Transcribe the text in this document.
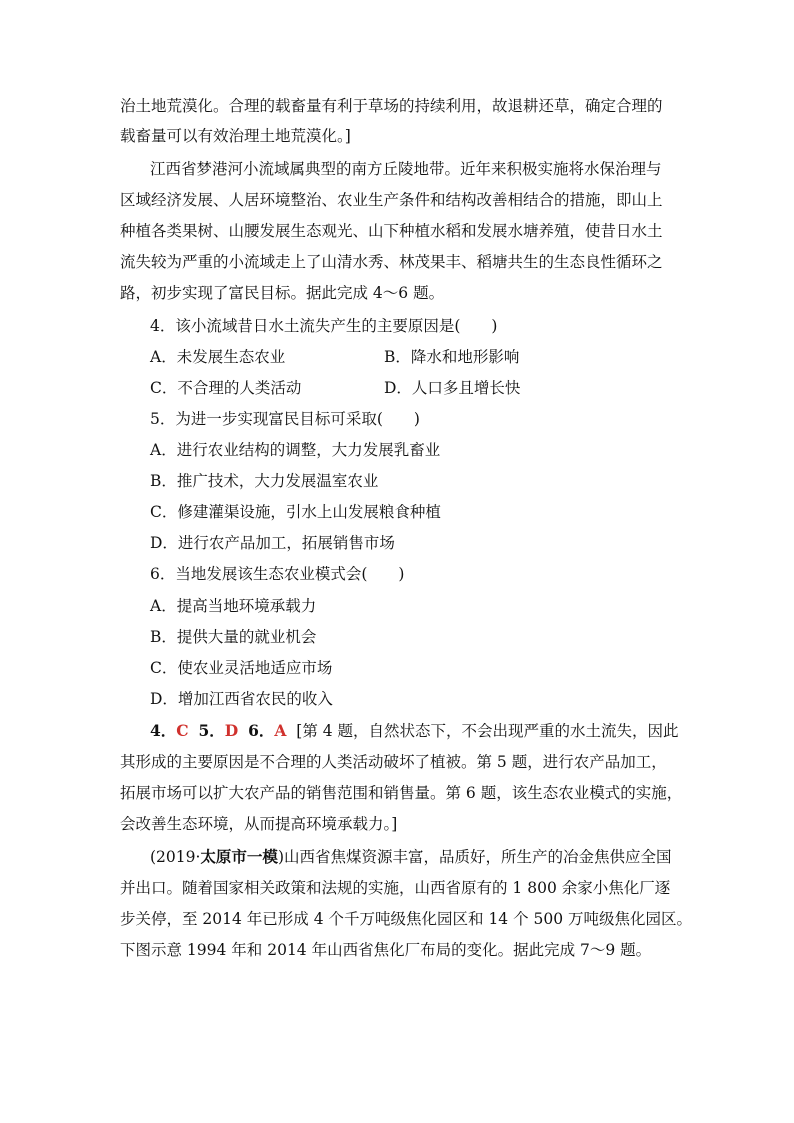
治土地荒漠化。合理的载畜量有利于草场的持续利用，故退耕还草，确定合理的
载畜量可以有效治理土地荒漠化。]
江西省梦港河小流域属典型的南方丘陵地带。近年来积极实施将水保治理与
区域经济发展、人居环境整治、农业生产条件和结构改善相结合的措施，即山上
种植各类果树、山腰发展生态观光、山下种植水稻和发展水塘养殖，使昔日水土
流失较为严重的小流域走上了山清水秀、林茂果丰、稻塘共生的生态良性循环之
路，初步实现了富民目标。据此完成 4～6 题。
4．该小流域昔日水土流失产生的主要原因是(　　)
A．未发展生态农业	B．降水和地形影响
C．不合理的人类活动	D．人口多且增长快
5．为进一步实现富民目标可采取(　　)
A．进行农业结构的调整，大力发展乳畜业
B．推广技术，大力发展温室农业
C．修建灌渠设施，引水上山发展粮食种植
D．进行农产品加工，拓展销售市场
6．当地发展该生态农业模式会(　　)
A．提高当地环境承载力
B．提供大量的就业机会
C．使农业灵活地适应市场
D．增加江西省农民的收入
4．C 5．D 6．A [第 4 题，自然状态下，不会出现严重的水土流失，因此
其形成的主要原因是不合理的人类活动破坏了植被。第 5 题，进行农产品加工，
拓展市场可以扩大农产品的销售范围和销售量。第 6 题，该生态农业模式的实施，
会改善生态环境，从而提高环境承载力。]
(2019·太原市一模)山西省焦煤资源丰富，品质好，所生产的冶金焦供应全国
并出口。随着国家相关政策和法规的实施，山西省原有的 1 800 余家小焦化厂逐
步关停，至 2014 年已形成 4 个千万吨级焦化园区和 14 个 500 万吨级焦化园区。
下图示意 1994 年和 2014 年山西省焦化厂布局的变化。据此完成 7～9 题。
